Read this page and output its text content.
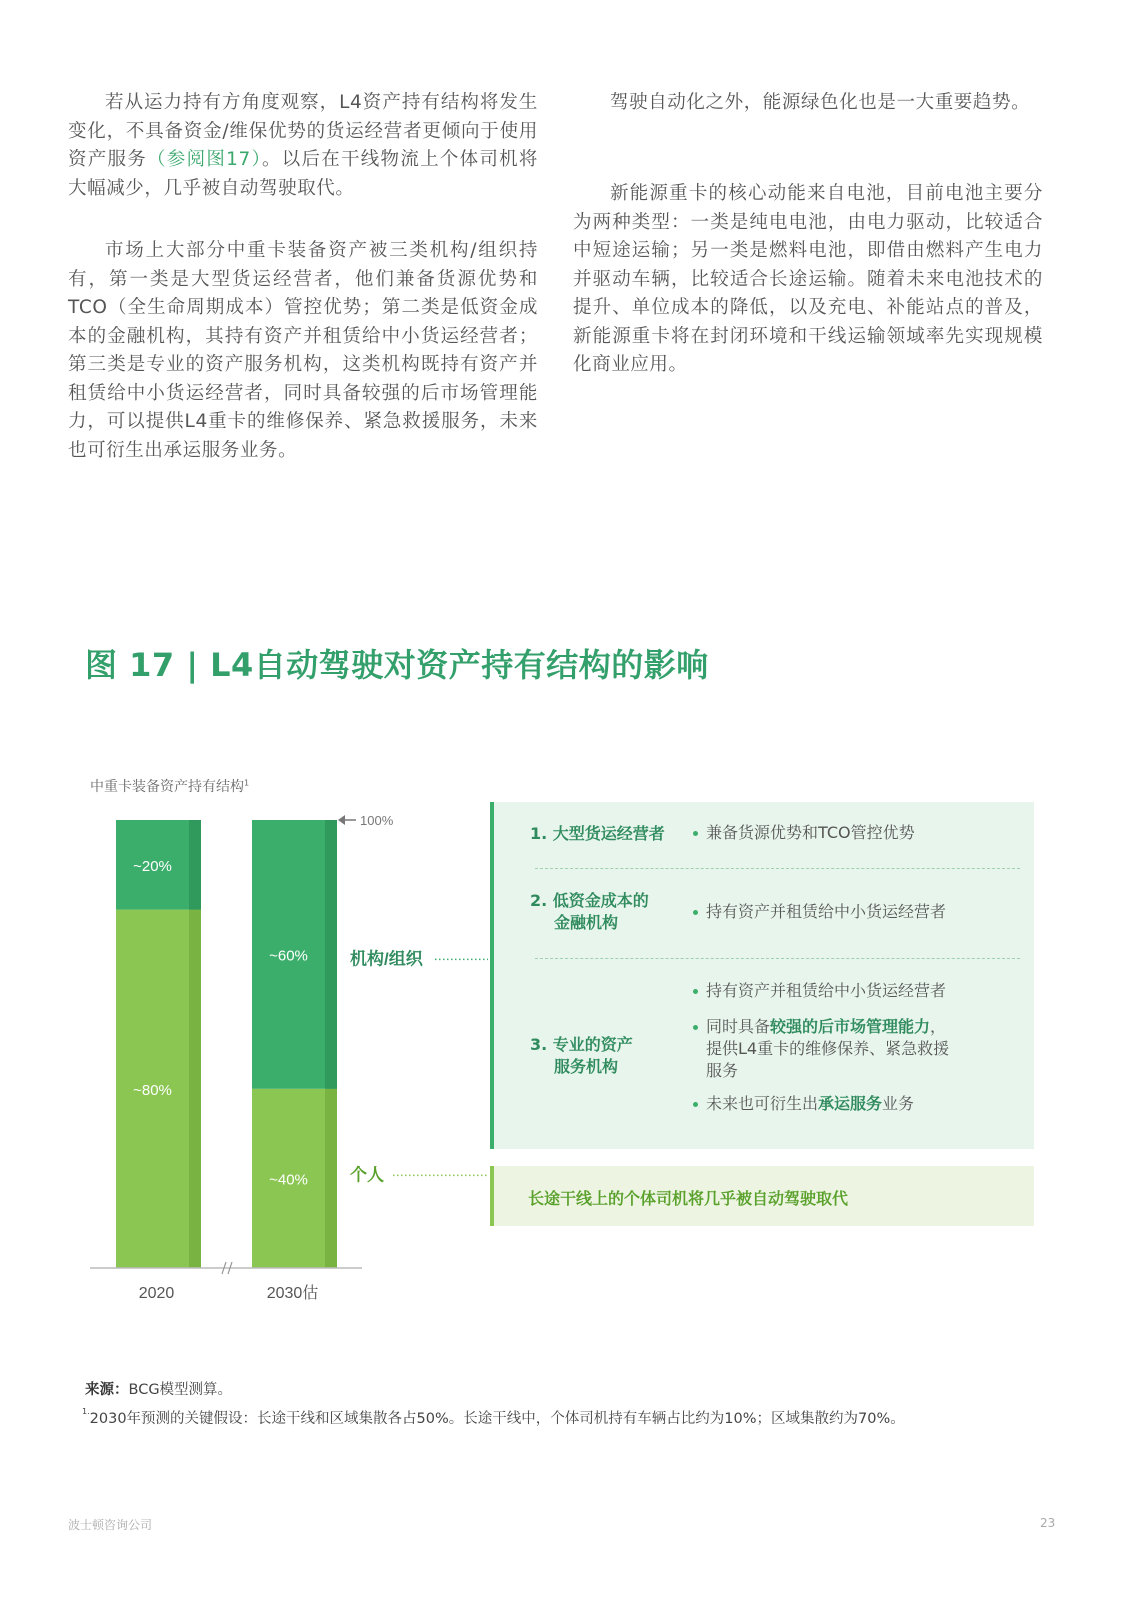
若从运力持有方角度观察，L4资产持有结构将发生变化，不具备资金/维保优势的货运经营者更倾向于使用资产服务（参阅图17）。以后在干线物流上个体司机将大幅减少，几乎被自动驾驶取代。

市场上大部分中重卡装备资产被三类机构/组织持有，第一类是大型货运经营者，他们兼备货源优势和TCO（全生命周期成本）管控优势；第二类是低资金成本的金融机构，其持有资产并租赁给中小货运经营者；第三类是专业的资产服务机构，这类机构既持有资产并租赁给中小货运经营者，同时具备较强的后市场管理能力，可以提供L4重卡的维修保养、紧急救援服务，未来也可衍生出承运服务业务。

驾驶自动化之外，能源绿色化也是一大重要趋势。

新能源重卡的核心动能来自电池，目前电池主要分为两种类型：一类是纯电电池，由电力驱动，比较适合中短途运输；另一类是燃料电池，即借由燃料产生电力并驱动车辆，比较适合长途运输。随着未来电池技术的提升、单位成本的降低，以及充电、补能站点的普及，新能源重卡将在封闭环境和干线运输领域率先实现规模化商业应用。

图 17 | L4自动驾驶对资产持有结构的影响
中重卡装备资产持有结构$^1$
~80%
~20%
2020
~40%
~60%
2030估
100%
机构/组织
个人
1. 大型货运经营者	兼备货源优势和TCO管控优势
2. 低资金成本的
金融机构
持有资产并租赁给中小货运经营者
3. 专业的资产
服务机构
持有资产并租赁给中小货运经营者
同时具备较强的后市场管理能力，
提供L4重卡的维修保养、紧急救援
服务
未来也可衍生出承运服务业务
长途干线上的个体司机将几乎被自动驾驶取代
来源：BCG模型测算。
$^{1.}$2030年预测的关键假设：长途干线和区域集散各占50%。长途干线中，个体司机持有车辆占比约为10%；区域集散约为70%。
波士顿咨询公司	23
